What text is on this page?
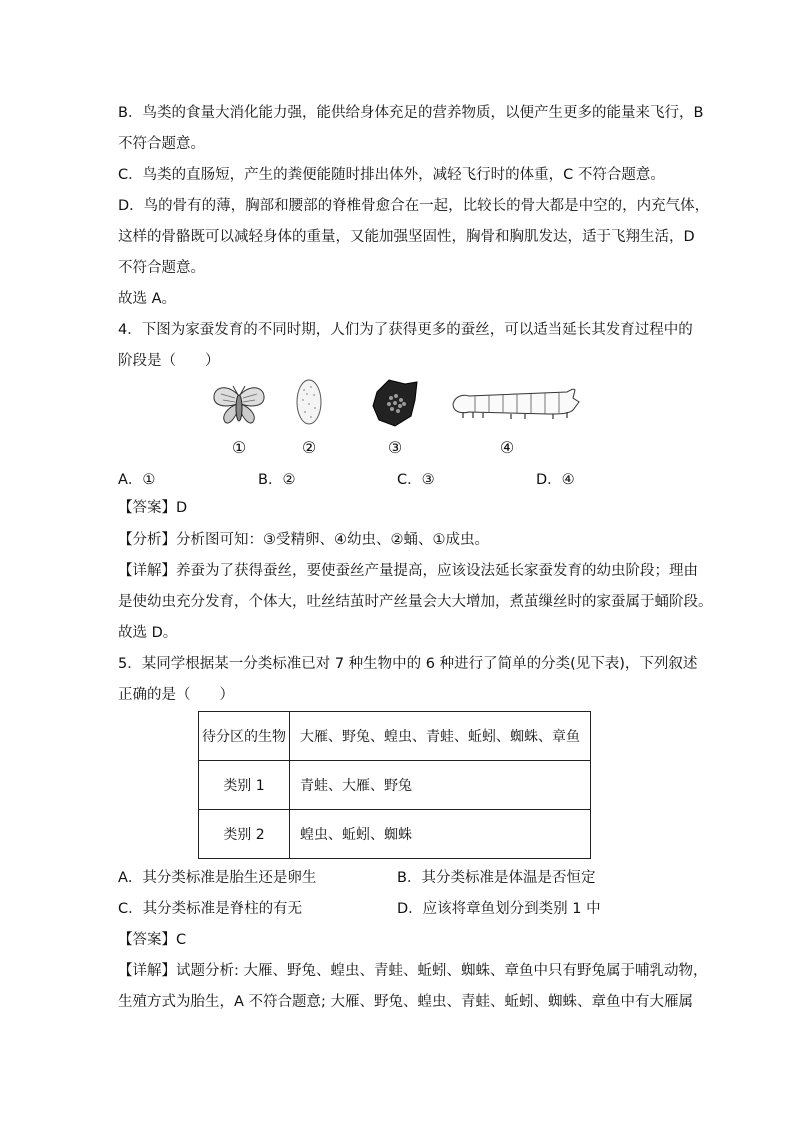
B．鸟类的食量大消化能力强，能供给身体充足的营养物质，以便产生更多的能量来飞行，B
不符合题意。
C．鸟类的直肠短，产生的粪便能随时排出体外，减轻飞行时的体重，C 不符合题意。
D．鸟的骨有的薄，胸部和腰部的脊椎骨愈合在一起，比较长的骨大都是中空的，内充气体，
这样的骨骼既可以减轻身体的重量，又能加强坚固性，胸骨和胸肌发达，适于飞翔生活，D
不符合题意。
故选 A。
4．下图为家蚕发育的不同时期，人们为了获得更多的蚕丝，可以适当延长其发育过程中的
阶段是（　　）
①	②	③	④
A．①	B．②	C．③	D．④
【答案】D
【分析】分析图可知：③受精卵、④幼虫、②蛹、①成虫。
【详解】养蚕为了获得蚕丝，要使蚕丝产量提高，应该设法延长家蚕发育的幼虫阶段；理由
是使幼虫充分发育，个体大，吐丝结茧时产丝量会大大增加，煮茧缫丝时的家蚕属于蛹阶段。
故选 D。
5．某同学根据某一分类标准已对 7 种生物中的 6 种进行了简单的分类(见下表)，下列叙述
正确的是（　　）
待分区的生物	大雁、野兔、蝗虫、青蛙、蚯蚓、蜘蛛、章鱼
类别 1	青蛙、大雁、野兔
类别 2	蝗虫、蚯蚓、蜘蛛
A．其分类标准是胎生还是卵生	B．其分类标准是体温是否恒定
C．其分类标准是脊柱的有无	D．应该将章鱼划分到类别 1 中
【答案】C
【详解】试题分析: 大雁、野兔、蝗虫、青蛙、蚯蚓、蜘蛛、章鱼中只有野兔属于哺乳动物，
生殖方式为胎生，A 不符合题意; 大雁、野兔、蝗虫、青蛙、蚯蚓、蜘蛛、章鱼中有大雁属
